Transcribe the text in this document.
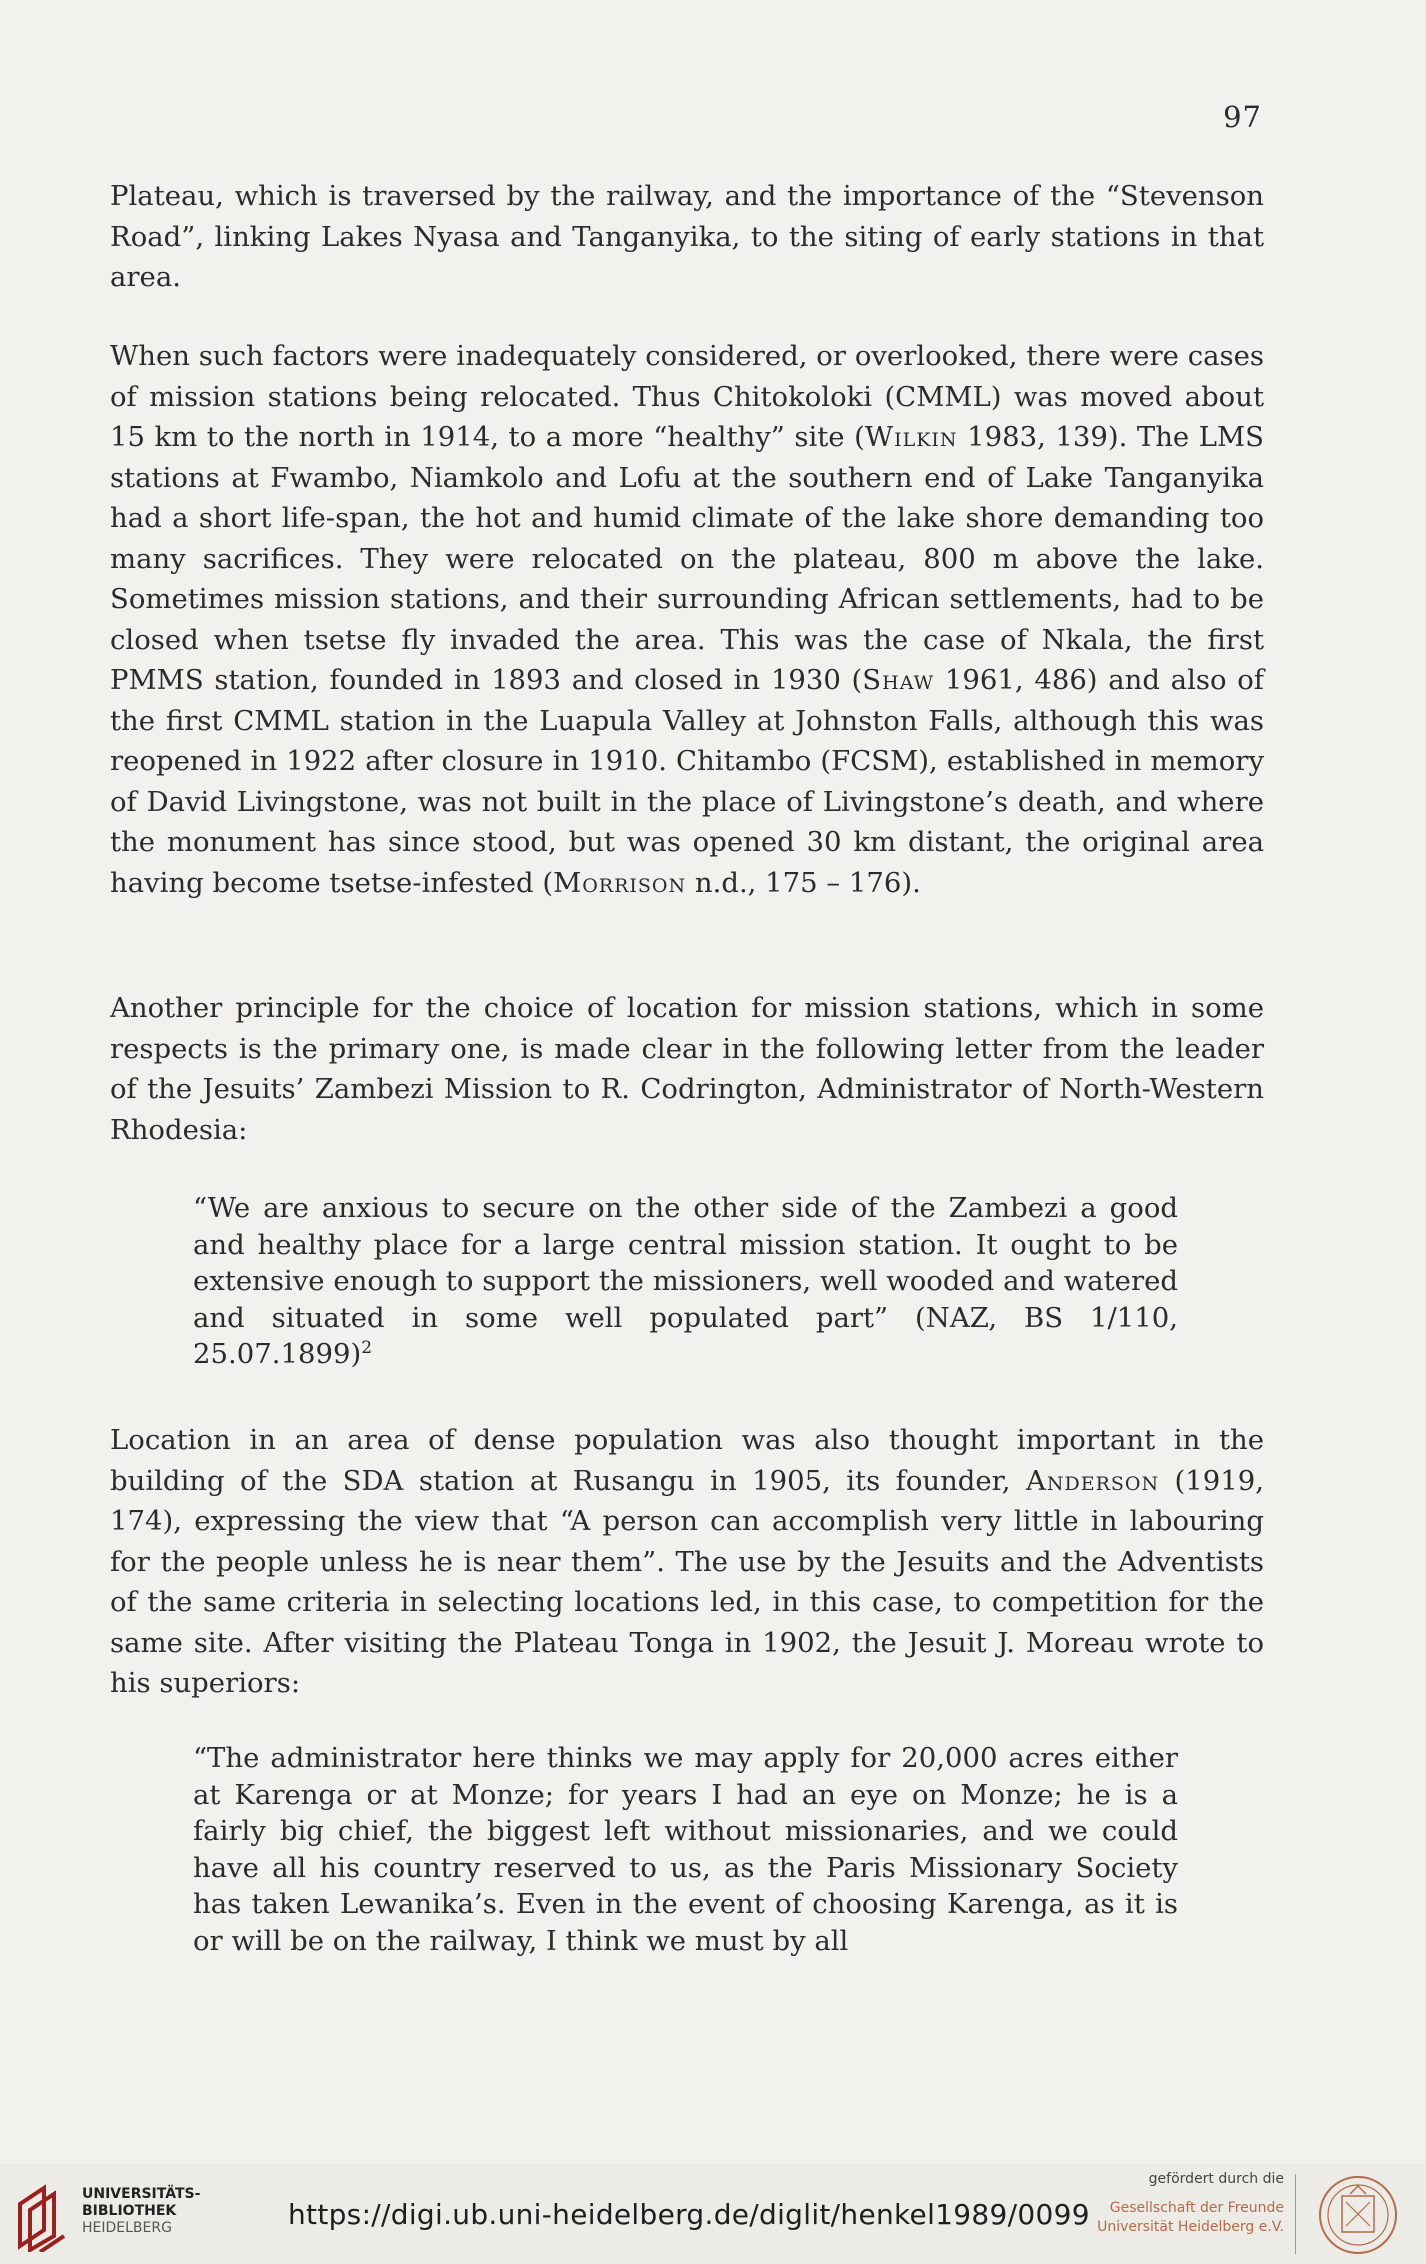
97

Plateau, which is traversed by the railway, and the importance of the “Stevenson Road”, linking Lakes Nyasa and Tanganyika, to the siting of early stations in that area.

When such factors were inadequately considered, or overlooked, there were cases of mission stations being relocated. Thus Chitokoloki (CMML) was moved about 15 km to the north in 1914, to a more “healthy” site (Wilkin 1983, 139). The LMS stations at Fwambo, Niamkolo and Lofu at the southern end of Lake Tanganyika had a short life-span, the hot and humid climate of the lake shore demanding too many sacrifices. They were relocated on the plateau, 800 m above the lake. Sometimes mission stations, and their surrounding African settlements, had to be closed when tsetse fly invaded the area. This was the case of Nkala, the first PMMS station, founded in 1893 and closed in 1930 (Shaw 1961, 486) and also of the first CMML station in the Luapula Valley at Johnston Falls, although this was reopened in 1922 after closure in 1910. Chitambo (FCSM), established in memory of David Livingstone, was not built in the place of Livingstone’s death, and where the monument has since stood, but was opened 30 km distant, the original area having become tsetse-infested (Morrison n.d., 175 – 176).

Another principle for the choice of location for mission stations, which in some respects is the primary one, is made clear in the following letter from the leader of the Jesuits’ Zambezi Mission to R. Codrington, Administrator of North-Western Rhodesia:

“We are anxious to secure on the other side of the Zambezi a good and healthy place for a large central mission station. It ought to be extensive enough to support the missioners, well wooded and watered and situated in some well populated part” (NAZ, BS 1/110, 25.07.1899)$^2$

Location in an area of dense population was also thought important in the building of the SDA station at Rusangu in 1905, its founder, Anderson (1919, 174), expressing the view that “A person can accomplish very little in labouring for the people unless he is near them”. The use by the Jesuits and the Adventists of the same criteria in selecting locations led, in this case, to competition for the same site. After visiting the Plateau Tonga in 1902, the Jesuit J. Moreau wrote to his superiors:

“The administrator here thinks we may apply for 20,000 acres either at Karenga or at Monze; for years I had an eye on Monze; he is a fairly big chief, the biggest left without missionaries, and we could have all his country reserved to us, as the Paris Missionary Society has taken Lewanika’s. Even in the event of choosing Karenga, as it is or will be on the railway, I think we must by all

UNIVERSITÄTS-
BIBLIOTHEK
HEIDELBERG	https://digi.ub.uni-heidelberg.de/diglit/henkel1989/0099
gefördert durch die
Gesellschaft der Freunde
Universität Heidelberg e.V.
